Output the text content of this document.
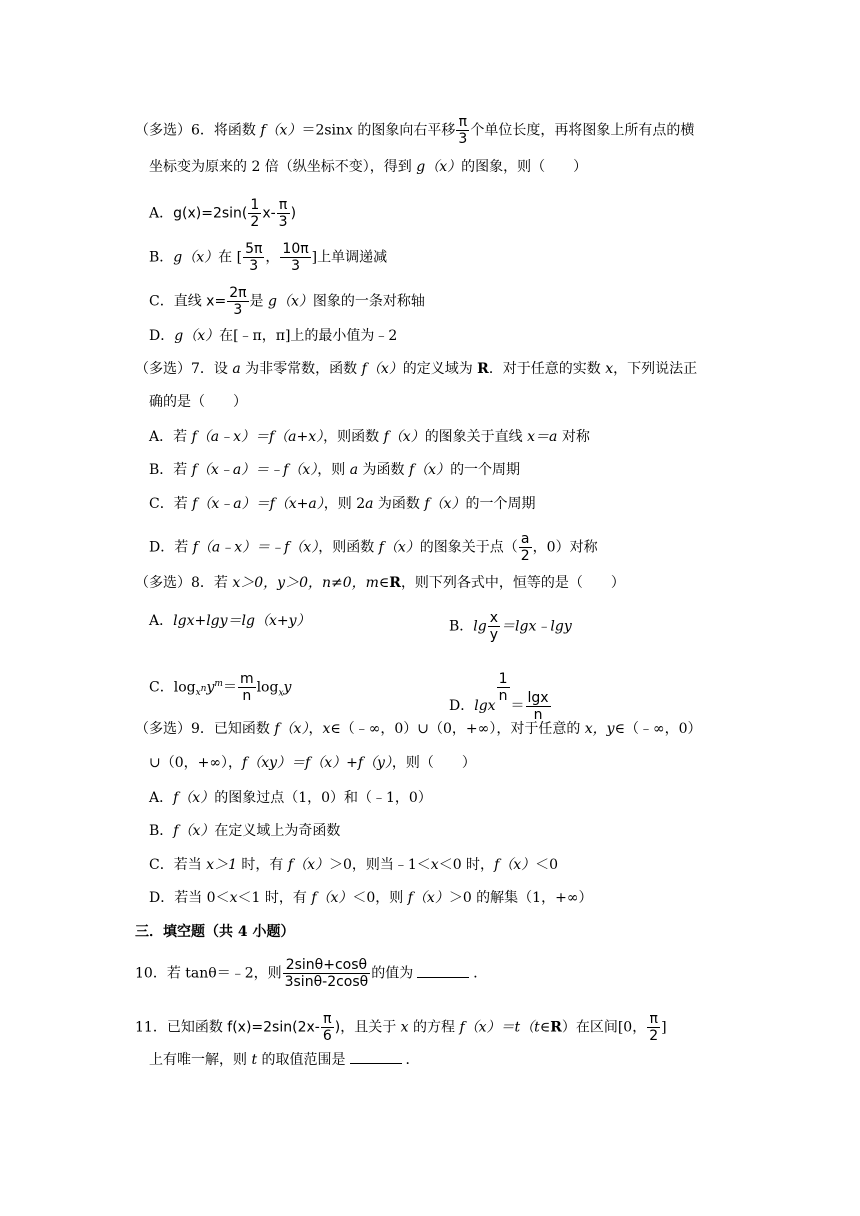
（多选）6．将函数 f（x）＝2sinx 的图象向右平移 $\frac{\pi}{3}$ 个单位长度，再将图象上所有点的横
坐标变为原来的 2 倍（纵坐标不变），得到 g（x）的图象，则（　　）
A．$g(x)=2\sin( \frac{1}{2} x- \frac{\pi}{3}$ )
B．g（x）在 [ $\frac{5\pi}{3}$ ， $\frac{10\pi}{3}$ ]上单调递减
C．直线 $x= \frac{2\pi}{3}$ 是 g（x）图象的一条对称轴
D．g（x）在[﹣π，π]上的最小值为﹣2
（多选）7．设 a 为非零常数，函数 f（x）的定义域为 R．对于任意的实数 x，下列说法正
确的是（　　）
A．若 f（a﹣x）＝f（a+x），则函数 f（x）的图象关于直线 x＝a 对称
B．若 f（x﹣a）＝﹣f（x），则 a 为函数 f（x）的一个周期
C．若 f（x﹣a）＝f（x+a），则 2a 为函数 f（x）的一个周期
D．若 f（a﹣x）＝﹣f（x），则函数 f（x）的图象关于点（ $\frac{a}{2}$ ，0）对称
（多选）8．若 x＞0，y＞0，n≠0，m∈R，则下列各式中，恒等的是（　　）
A．lgx+lgy＝lg（x+y）	B．$\lg \frac{x}{y}$ ＝lgx﹣lgy
C．$\log_{x^n}y^m= \frac{m}{n} \log_xy$
D．lgx
$\frac{1}{n}$
＝ $\frac{\lg x}{n}$
（多选）9．已知函数 f（x），x∈（﹣∞，0）∪（0，+∞），对于任意的 x，y∈（﹣∞，0）
∪（0，+∞），f（xy）＝f（x）+f（y），则（　　）
A．f（x）的图象过点（1，0）和（﹣1，0）
B．f（x）在定义域上为奇函数
C．若当 x＞1 时，有 f（x）＞0，则当﹣1＜x＜0 时，f（x）＜0
D．若当 0＜x＜1 时，有 f（x）＜0，则 f（x）＞0 的解集（1，+∞）
三．填空题（共 4 小题）
10．若 tanθ＝﹣2，则 $\frac{2\sin\theta+\cos\theta}{3\sin\theta-2\cos\theta}$ 的值为	．
11．已知函数 $f(x)=2\sin(2x- \frac{\pi}{6}$ )，且关于 x 的方程 f（x）＝t（t∈R）在区间[0， $\frac{\pi}{2}$ ]
上有唯一解，则 t 的取值范围是	．
